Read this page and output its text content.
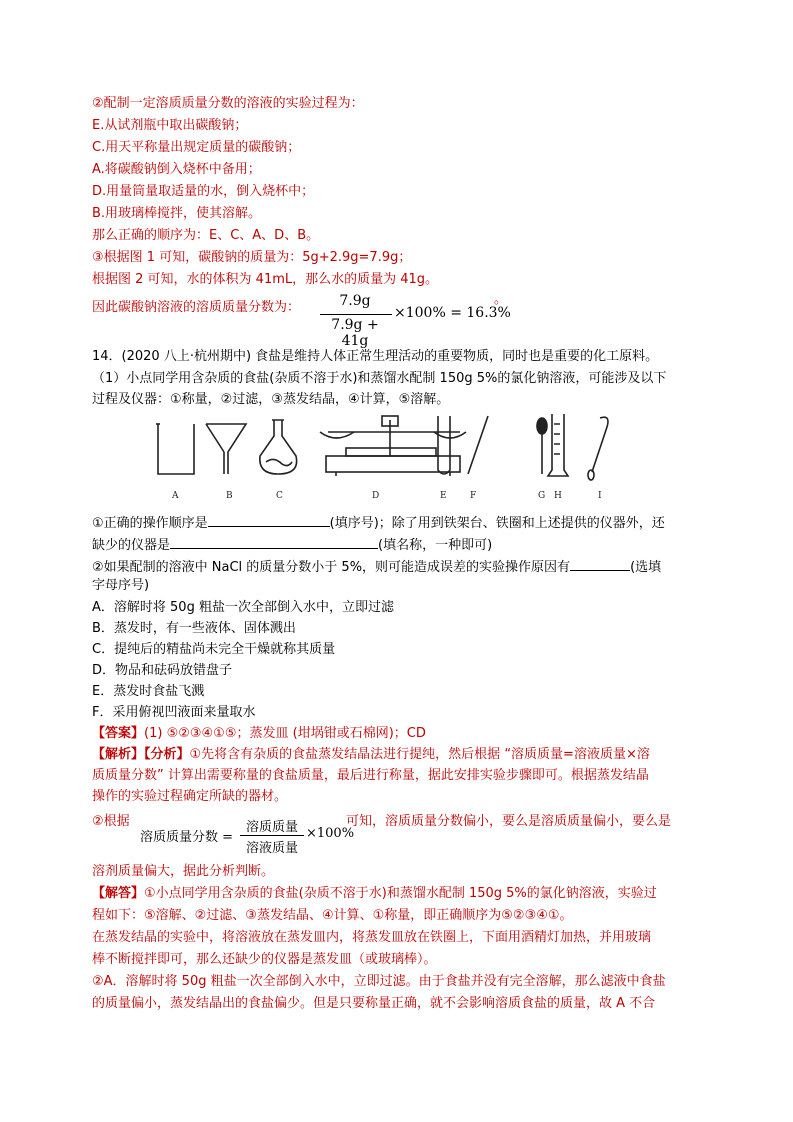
②配制一定溶质质量分数的溶液的实验过程为：
E.从试剂瓶中取出碳酸钠；
C.用天平称量出规定质量的碳酸钠；
A.将碳酸钠倒入烧杯中备用；
D.用量筒量取适量的水，倒入烧杯中；
B.用玻璃棒搅拌，使其溶解。
那么正确的顺序为：E、C、A、D、B。
③根据图 1 可知，碳酸钠的质量为：5g+2.9g=7.9g；
根据图 2 可知，水的体积为 41mL，那么水的质量为 41g。
因此碳酸钠溶液的溶质质量分数为：	7.9g
7.9g + 41g
×100% = 16.3%
。
14．(2020 八上·杭州期中) 食盐是维持人体正常生理活动的重要物质，同时也是重要的化工原料。
（1）小点同学用含杂质的食盐(杂质不溶于水)和蒸馏水配制 150g 5%的氯化钠溶液，可能涉及以下
过程及仪器：①称量，②过滤，③蒸发结晶，④计算，⑤溶解。
A	B	C	D	E	F	G H	I
①正确的操作顺序是	(填序号)；除了用到铁架台、铁圈和上述提供的仪器外，还
缺少的仪器是	(填名称，一种即可)
②如果配制的溶液中 NaCl 的质量分数小于 5%，则可能造成误差的实验操作原因有	(选填
字母序号)
A．溶解时将 50g 粗盐一次全部倒入水中，立即过滤
B．蒸发时，有一些液体、固体溅出
C．提纯后的精盐尚未完全干燥就称其质量
D．物品和砝码放错盘子
E．蒸发时食盐飞溅
F．采用俯视凹液面来量取水
【答案】(1) ⑤②③④①⑤；蒸发皿 (坩埚钳或石棉网)；CD
【解析】【分析】①先将含有杂质的食盐蒸发结晶法进行提纯，然后根据 “溶质质量=溶液质量×溶
质质量分数” 计算出需要称量的食盐质量，最后进行称量，据此安排实验步骤即可。根据蒸发结晶
操作的实验过程确定所缺的器材。
②根据
溶质质量分数 =
溶质质量
溶液质量
×100%
可知，溶质质量分数偏小，要么是溶质质量偏小，要么是
溶剂质量偏大，据此分析判断。
【解答】①小点同学用含杂质的食盐(杂质不溶于水)和蒸馏水配制 150g 5%的氯化钠溶液，实验过
程如下：⑤溶解、②过滤、③蒸发结晶、④计算、①称量，即正确顺序为⑤②③④①。
在蒸发结晶的实验中，将溶液放在蒸发皿内，将蒸发皿放在铁圈上，下面用酒精灯加热，并用玻璃
棒不断搅拌即可，那么还缺少的仪器是蒸发皿（或玻璃棒）。
②A．溶解时将 50g 粗盐一次全部倒入水中，立即过滤。由于食盐并没有完全溶解，那么滤液中食盐
的质量偏小，蒸发结晶出的食盐偏少。但是只要称量正确，就不会影响溶质食盐的质量，故 A 不合
